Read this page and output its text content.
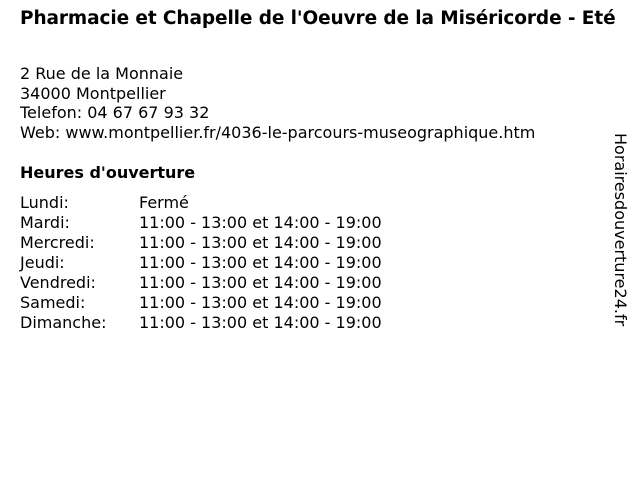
Pharmacie et Chapelle de l'Oeuvre de la Miséricorde - Eté
2 Rue de la Monnaie
34000 Montpellier
Telefon: 04 67 67 93 32
Web: www.montpellier.fr/4036-le-parcours-museographique.htm
Heures d'ouverture
Lundi:	Fermé
Mardi:	11:00 - 13:00 et 14:00 - 19:00
Mercredi:	11:00 - 13:00 et 14:00 - 19:00
Jeudi:	11:00 - 13:00 et 14:00 - 19:00
Vendredi:	11:00 - 13:00 et 14:00 - 19:00
Samedi:	11:00 - 13:00 et 14:00 - 19:00
Dimanche:	11:00 - 13:00 et 14:00 - 19:00	Horairesdouverture24.fr
